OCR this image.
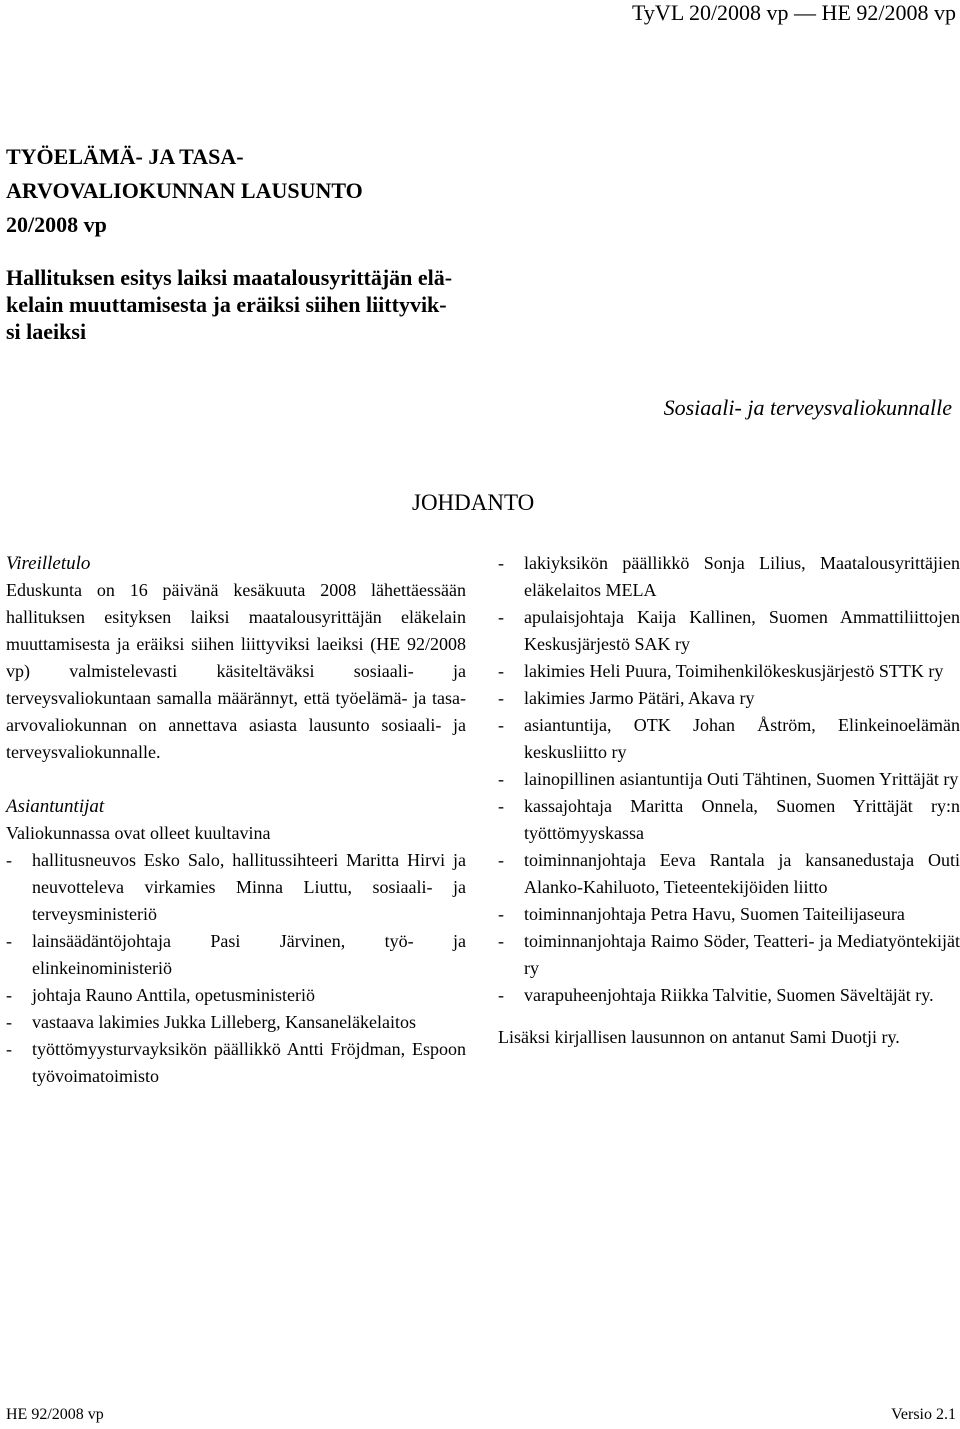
TyVL 20/2008 vp — HE 92/2008 vp
TYÖELÄMÄ- JA TASA-
ARVOVALIOKUNNAN LAUSUNTO
20/2008 vp
Hallituksen esitys laiksi maatalousyrittäjän elä-
kelain muuttamisesta ja eräiksi siihen liittyvik-
si laeiksi
Sosiaali- ja terveysvaliokunnalle
JOHDANTO

Vireilletulo

Eduskunta on 16 päivänä kesäkuuta 2008 lähettäessään hallituksen esityksen laiksi maatalousyrittäjän eläkelain muuttamisesta ja eräiksi siihen liittyviksi laeiksi (HE 92/2008 vp) valmistelevasti käsiteltäväksi sosiaali- ja terveysvaliokuntaan samalla määrännyt, että työelämä- ja tasa-arvovaliokunnan on annettava asiasta lausunto sosiaali- ja terveysvaliokunnalle.

Asiantuntijat

Valiokunnassa ovat olleet kuultavina

- hallitusneuvos Esko Salo, hallitussihteeri Maritta Hirvi ja neuvotteleva virkamies Minna Liuttu, sosiaali- ja terveysministeriö
- lainsäädäntöjohtaja Pasi Järvinen, työ- ja elinkeinoministeriö
- johtaja Rauno Anttila, opetusministeriö
- vastaava lakimies Jukka Lilleberg, Kansaneläkelaitos
- työttömyysturvayksikön päällikkö Antti Fröjdman, Espoon työvoimatoimisto
- lakiyksikön päällikkö Sonja Lilius, Maatalousyrittäjien eläkelaitos MELA
- apulaisjohtaja Kaija Kallinen, Suomen Ammattiliittojen Keskusjärjestö SAK ry
- lakimies Heli Puura, Toimihenkilökeskusjärjestö STTK ry
- lakimies Jarmo Pätäri, Akava ry
- asiantuntija, OTK Johan Åström, Elinkeinoelämän keskusliitto ry
- lainopillinen asiantuntija Outi Tähtinen, Suomen Yrittäjät ry
- kassajohtaja Maritta Onnela, Suomen Yrittäjät ry:n työttömyyskassa
- toiminnanjohtaja Eeva Rantala ja kansanedustaja Outi Alanko-Kahiluoto, Tieteentekijöiden liitto
- toiminnanjohtaja Petra Havu, Suomen Taiteilijaseura
- toiminnanjohtaja Raimo Söder, Teatteri- ja Mediatyöntekijät ry
- varapuheenjohtaja Riikka Talvitie, Suomen Säveltäjät ry.

Lisäksi kirjallisen lausunnon on antanut Sami Duotji ry.

HE 92/2008 vp	Versio 2.1
